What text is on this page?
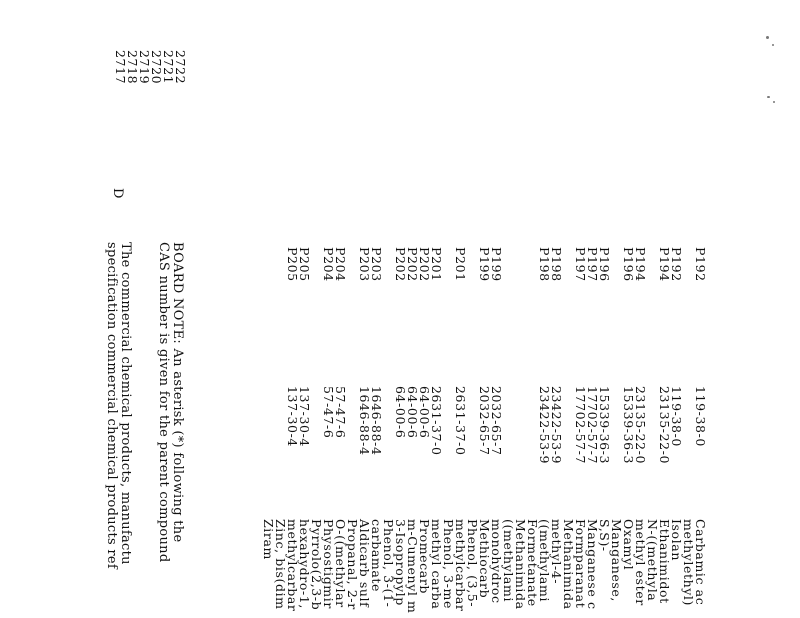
2722
2721
2720
2719
2718
2717
D
The commercial chemical products, manufactu
specification commercial chemical products ref	BOARD NOTE: An asterisk (*) following the
CAS number is given for the parent compound	P192
P192
P194
P194
P196
P196
P197
P197
P198
P198
P199
P199
P201
P201
P202
P202
P202
P203
P203
P204
P204
P205
P205
119-38-0
119-38-0
23135-22-0
23135-22-0
15339-36-3
15339-36-3
17702-57-7
17702-57-7
23422-53-9
23422-53-9
2032-65-7
2032-65-7
2631-37-0
2631-37-0
64-00-6
64-00-6
64-00-6
1646-88-4
1646-88-4
57-47-6
57-47-6
137-30-4
137-30-4
Carbamic ac
methylethyl)
Isolan
Ethanimidot
N-((methyla
methyl ester
Oxamyl
Manganese,
S,S)-
Manganese c
Formparanat
Methanimida
methyl-4-
((methylami
Formetanate
Methanimida
((methylami
monohydroc
Methiocarb
Phenol, (3,5-
methylcarbar
Phenol, 3-me
methyl carba
Promecarb
m-Cumenyl m
3-Isopropylp
Phenol, 3-(1-
carbamate
Aldicarb sulf
Propanal, 2-r
O-((methylar
Physostigmir
Pyrrolo(2,3-b
hexahydro-1,
methylcarbar
Zinc, bis(dim
Ziram
